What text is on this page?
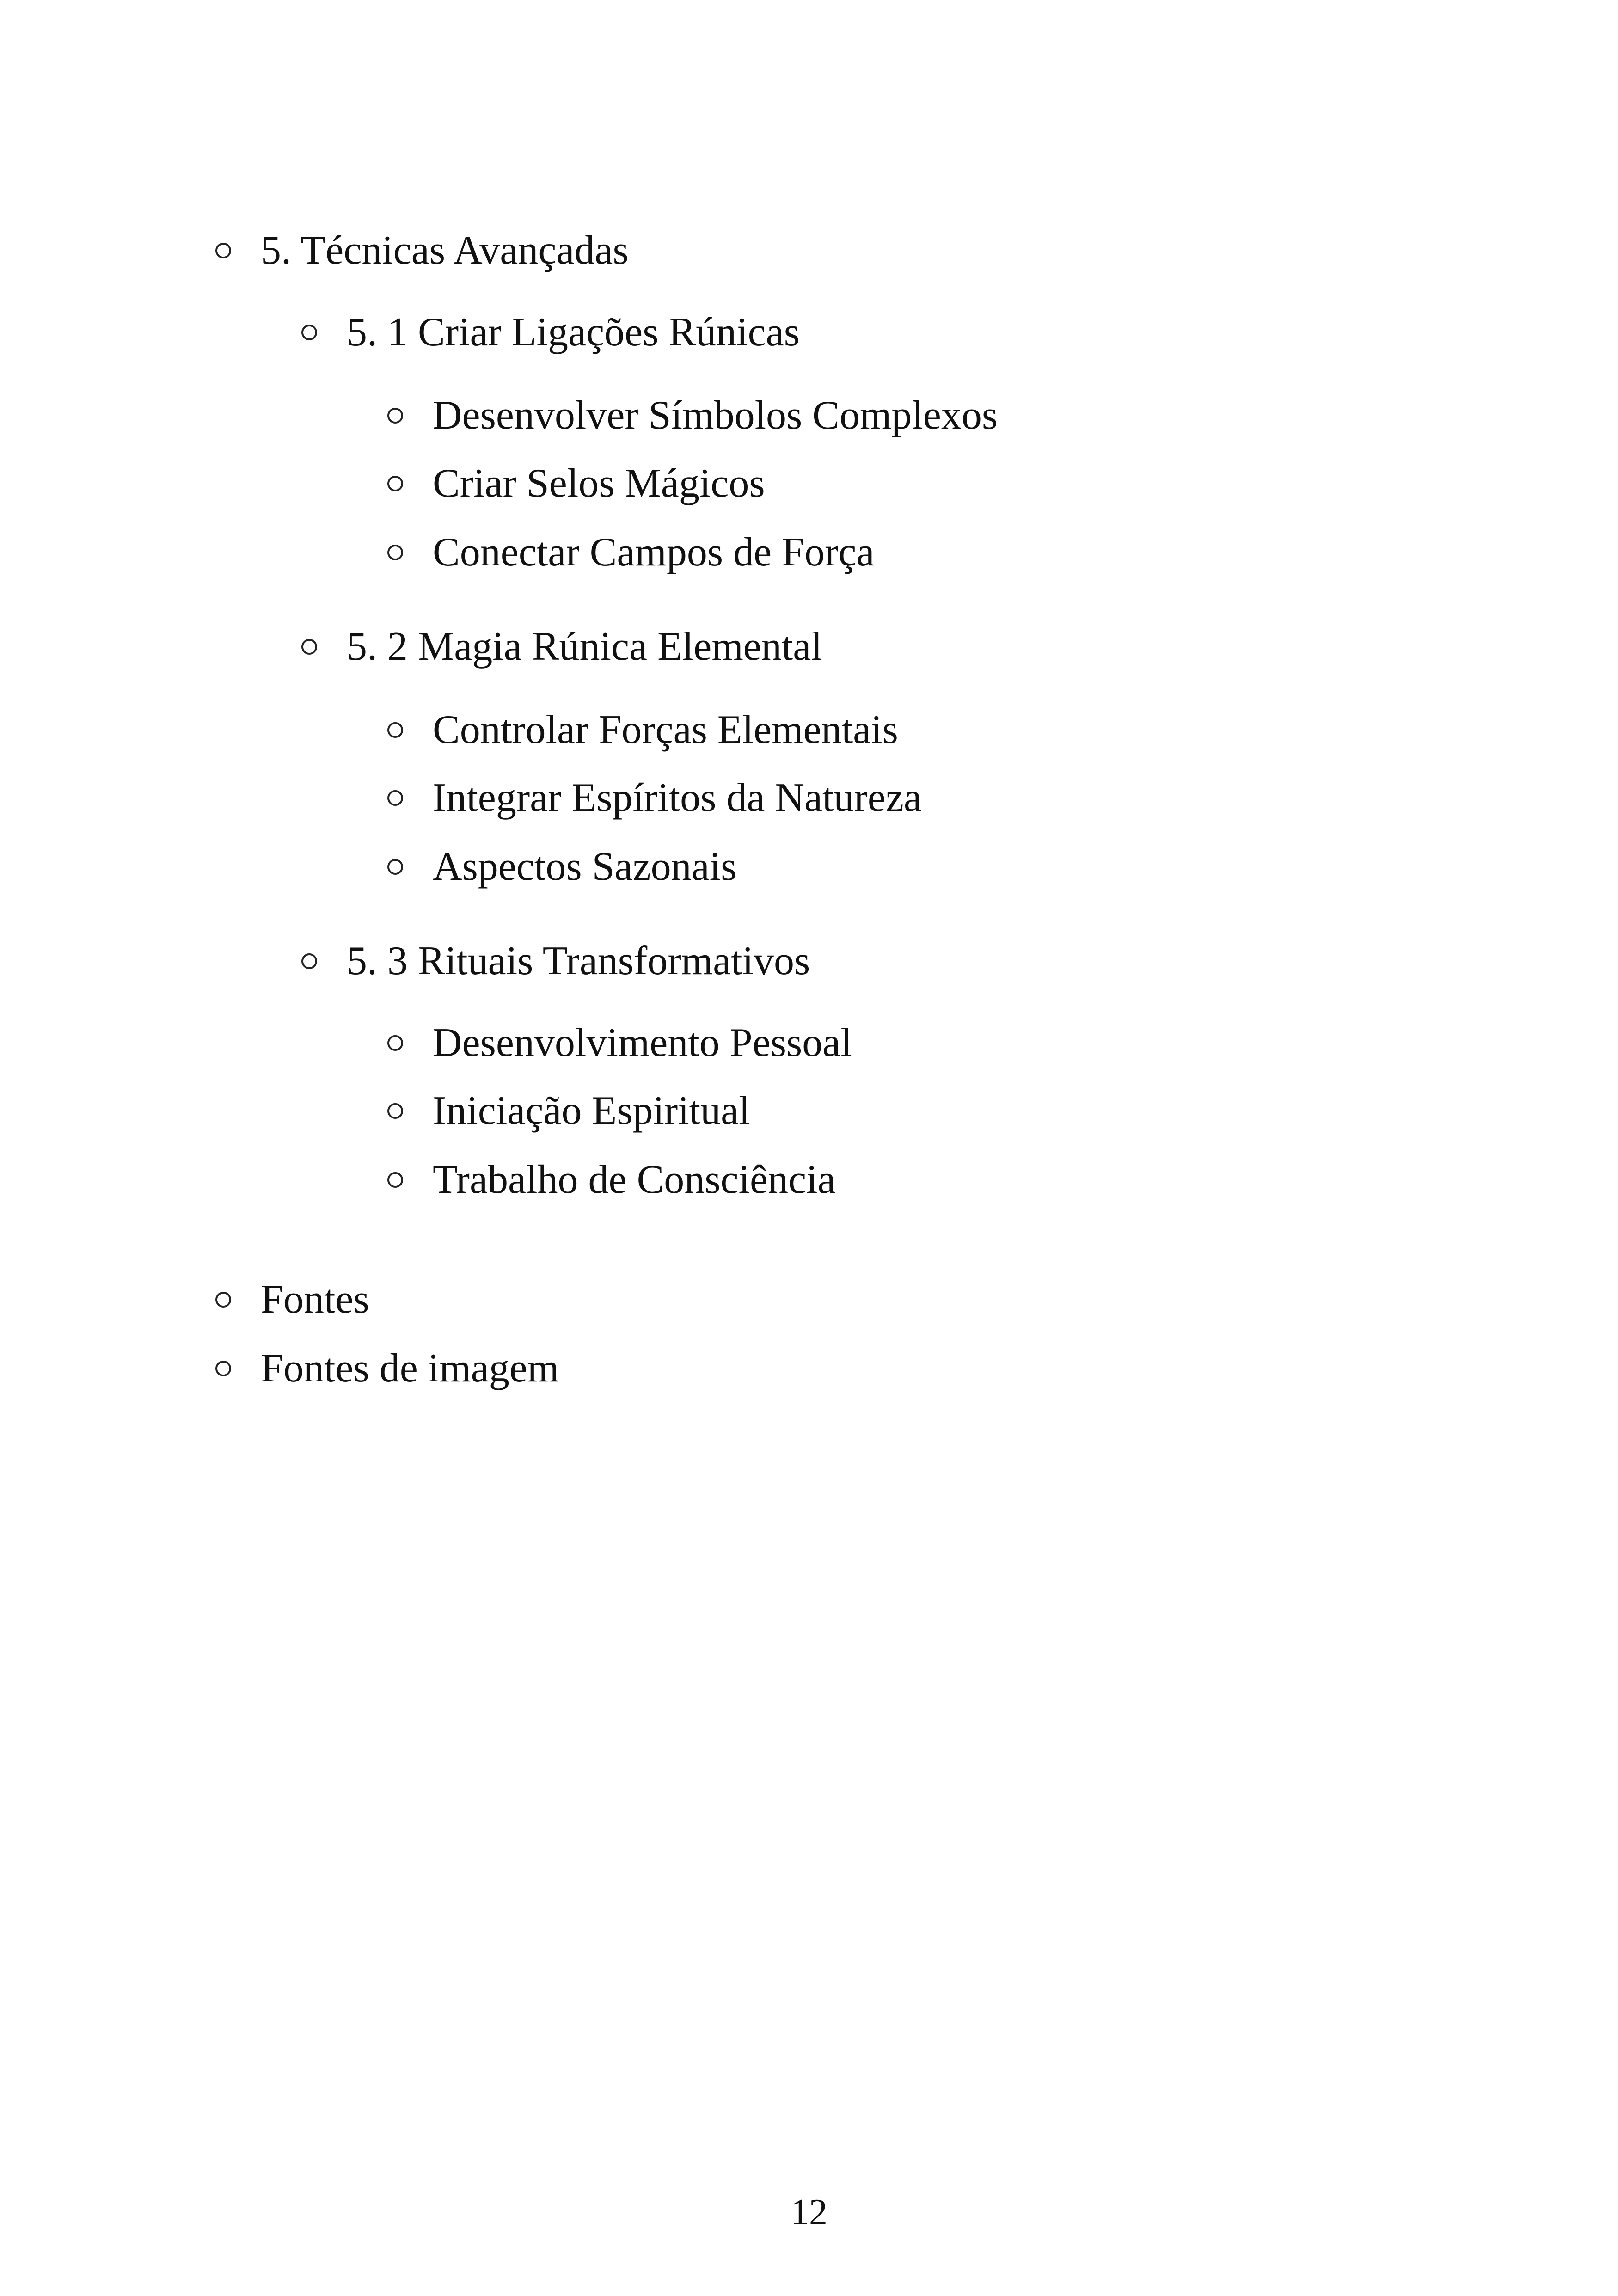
5. Técnicas Avançadas
5. 1 Criar Ligações Rúnicas
Desenvolver Símbolos Complexos
Criar Selos Mágicos
Conectar Campos de Força
5. 2 Magia Rúnica Elemental
Controlar Forças Elementais
Integrar Espíritos da Natureza
Aspectos Sazonais
5. 3 Rituais Transformativos
Desenvolvimento Pessoal
Iniciação Espiritual
Trabalho de Consciência
Fontes
Fontes de imagem
12
